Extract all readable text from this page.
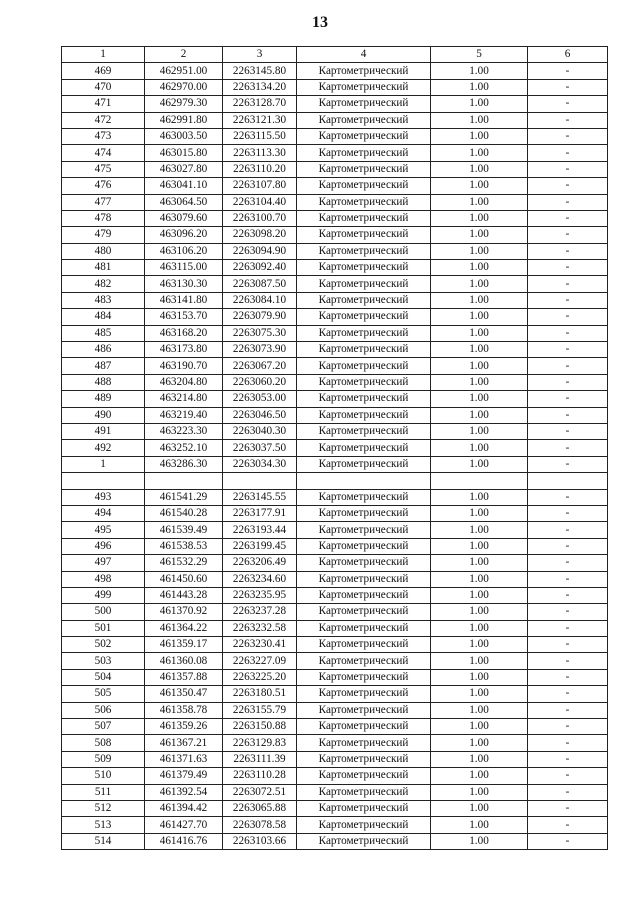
13
1	2	3	4	5	6
469	462951.00	2263145.80	Картометрический	1.00	-
470	462970.00	2263134.20	Картометрический	1.00	-
471	462979.30	2263128.70	Картометрический	1.00	-
472	462991.80	2263121.30	Картометрический	1.00	-
473	463003.50	2263115.50	Картометрический	1.00	-
474	463015.80	2263113.30	Картометрический	1.00	-
475	463027.80	2263110.20	Картометрический	1.00	-
476	463041.10	2263107.80	Картометрический	1.00	-
477	463064.50	2263104.40	Картометрический	1.00	-
478	463079.60	2263100.70	Картометрический	1.00	-
479	463096.20	2263098.20	Картометрический	1.00	-
480	463106.20	2263094.90	Картометрический	1.00	-
481	463115.00	2263092.40	Картометрический	1.00	-
482	463130.30	2263087.50	Картометрический	1.00	-
483	463141.80	2263084.10	Картометрический	1.00	-
484	463153.70	2263079.90	Картометрический	1.00	-
485	463168.20	2263075.30	Картометрический	1.00	-
486	463173.80	2263073.90	Картометрический	1.00	-
487	463190.70	2263067.20	Картометрический	1.00	-
488	463204.80	2263060.20	Картометрический	1.00	-
489	463214.80	2263053.00	Картометрический	1.00	-
490	463219.40	2263046.50	Картометрический	1.00	-
491	463223.30	2263040.30	Картометрический	1.00	-
492	463252.10	2263037.50	Картометрический	1.00	-
1	463286.30	2263034.30	Картометрический	1.00	-

493	461541.29	2263145.55	Картометрический	1.00	-
494	461540.28	2263177.91	Картометрический	1.00	-
495	461539.49	2263193.44	Картометрический	1.00	-
496	461538.53	2263199.45	Картометрический	1.00	-
497	461532.29	2263206.49	Картометрический	1.00	-
498	461450.60	2263234.60	Картометрический	1.00	-
499	461443.28	2263235.95	Картометрический	1.00	-
500	461370.92	2263237.28	Картометрический	1.00	-
501	461364.22	2263232.58	Картометрический	1.00	-
502	461359.17	2263230.41	Картометрический	1.00	-
503	461360.08	2263227.09	Картометрический	1.00	-
504	461357.88	2263225.20	Картометрический	1.00	-
505	461350.47	2263180.51	Картометрический	1.00	-
506	461358.78	2263155.79	Картометрический	1.00	-
507	461359.26	2263150.88	Картометрический	1.00	-
508	461367.21	2263129.83	Картометрический	1.00	-
509	461371.63	2263111.39	Картометрический	1.00	-
510	461379.49	2263110.28	Картометрический	1.00	-
511	461392.54	2263072.51	Картометрический	1.00	-
512	461394.42	2263065.88	Картометрический	1.00	-
513	461427.70	2263078.58	Картометрический	1.00	-
514	461416.76	2263103.66	Картометрический	1.00	-
